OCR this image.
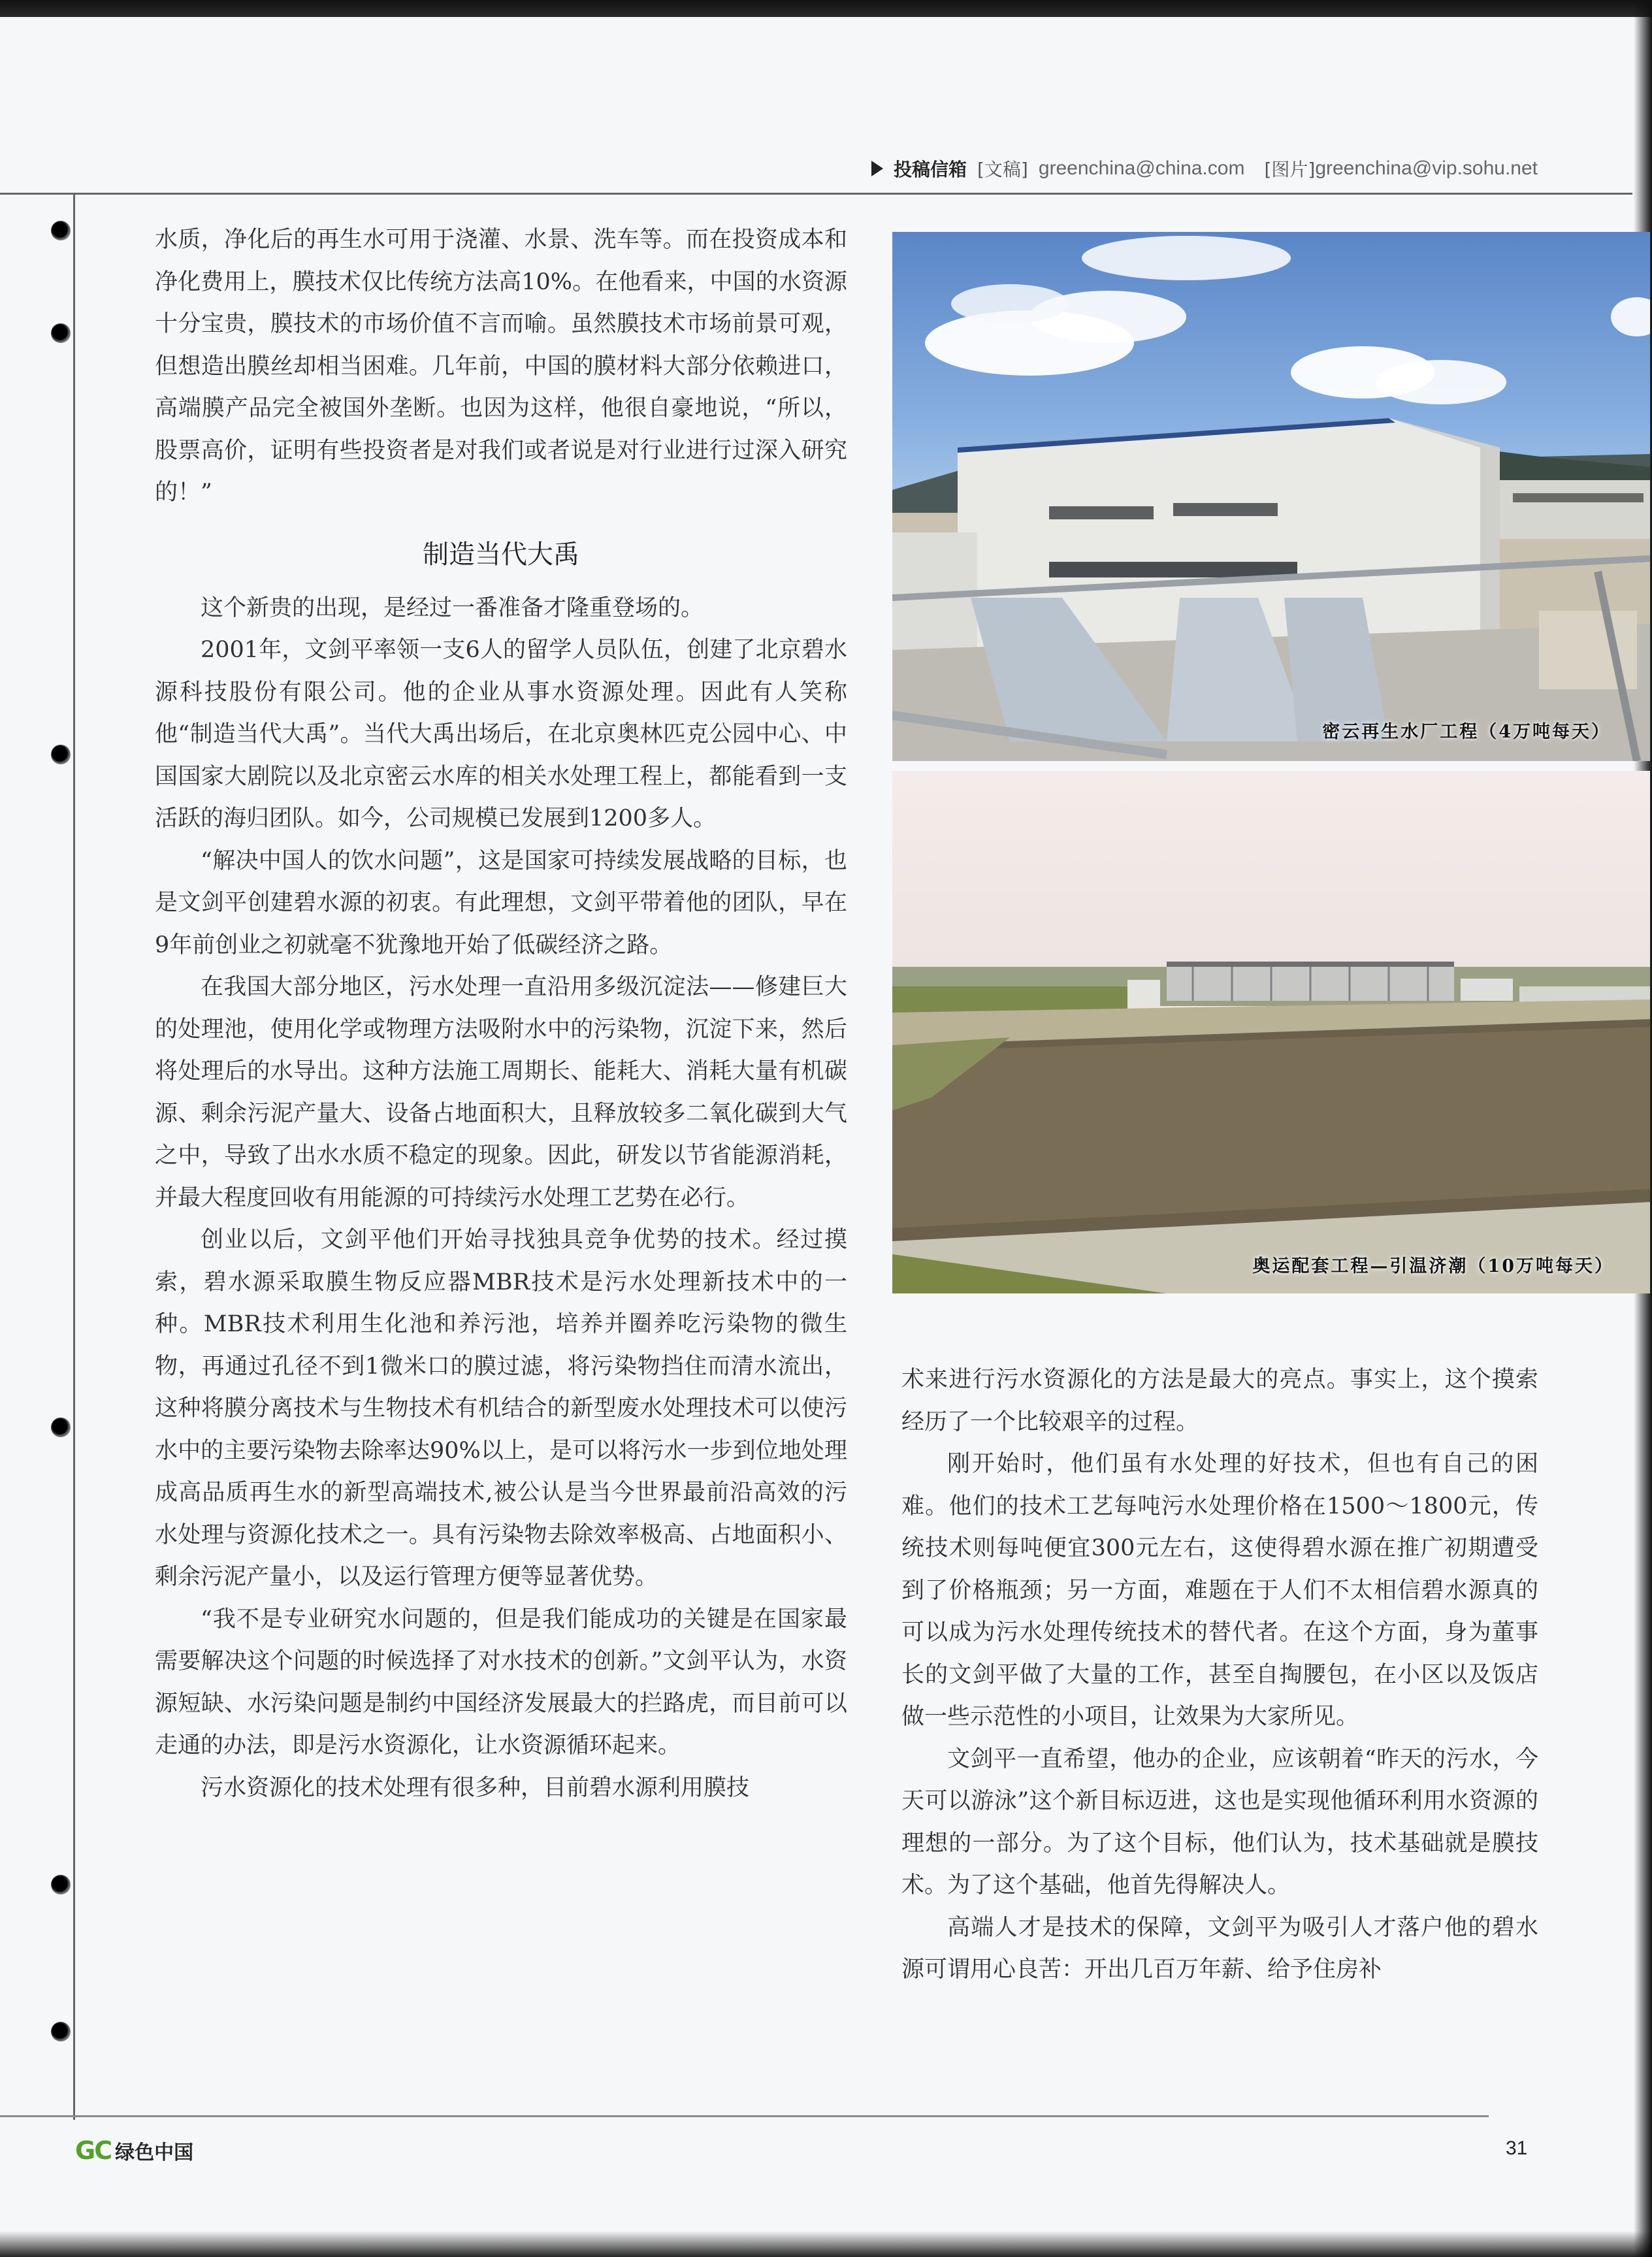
投稿信箱 [文稿] greenchina@china.com [图片] greenchina@vip.sohu.net

水质，净化后的再生水可用于浇灌、水景、洗车等。而在投资成本和净化费用上，膜技术仅比传统方法高10%。在他看来，中国的水资源十分宝贵，膜技术的市场价值不言而喻。虽然膜技术市场前景可观，但想造出膜丝却相当困难。几年前，中国的膜材料大部分依赖进口，高端膜产品完全被国外垄断。也因为这样，他很自豪地说，“所以，股票高价，证明有些投资者是对我们或者说是对行业进行过深入研究的！”

制造当代大禹

这个新贵的出现，是经过一番准备才隆重登场的。

2001年，文剑平率领一支6人的留学人员队伍，创建了北京碧水源科技股份有限公司。他的企业从事水资源处理。因此有人笑称他“制造当代大禹”。当代大禹出场后，在北京奥林匹克公园中心、中国国家大剧院以及北京密云水库的相关水处理工程上，都能看到一支活跃的海归团队。如今，公司规模已发展到1200多人。

“解决中国人的饮水问题”，这是国家可持续发展战略的目标，也是文剑平创建碧水源的初衷。有此理想，文剑平带着他的团队，早在9年前创业之初就毫不犹豫地开始了低碳经济之路。

在我国大部分地区，污水处理一直沿用多级沉淀法——修建巨大的处理池，使用化学或物理方法吸附水中的污染物，沉淀下来，然后将处理后的水导出。这种方法施工周期长、能耗大、消耗大量有机碳源、剩余污泥产量大、设备占地面积大，且释放较多二氧化碳到大气之中，导致了出水水质不稳定的现象。因此，研发以节省能源消耗，并最大程度回收有用能源的可持续污水处理工艺势在必行。

创业以后，文剑平他们开始寻找独具竞争优势的技术。经过摸索，碧水源采取膜生物反应器MBR技术是污水处理新技术中的一种。MBR技术利用生化池和养污池，培养并圈养吃污染物的微生物，再通过孔径不到1微米口的膜过滤，将污染物挡住而清水流出，这种将膜分离技术与生物技术有机结合的新型废水处理技术可以使污水中的主要污染物去除率达90%以上，是可以将污水一步到位地处理成高品质再生水的新型高端技术,被公认是当今世界最前沿高效的污水处理与资源化技术之一。具有污染物去除效率极高、占地面积小、剩余污泥产量小，以及运行管理方便等显著优势。

“我不是专业研究水问题的，但是我们能成功的关键是在国家最需要解决这个问题的时候选择了对水技术的创新。”文剑平认为，水资源短缺、水污染问题是制约中国经济发展最大的拦路虎，而目前可以走通的办法，即是污水资源化，让水资源循环起来。

污水资源化的技术处理有很多种，目前碧水源利用膜技

密云再生水厂工程（4万吨每天）
奥运配套工程—引温济潮（10万吨每天）

术来进行污水资源化的方法是最大的亮点。事实上，这个摸索经历了一个比较艰辛的过程。

刚开始时，他们虽有水处理的好技术，但也有自己的困难。他们的技术工艺每吨污水处理价格在1500～1800元，传统技术则每吨便宜300元左右，这使得碧水源在推广初期遭受到了价格瓶颈；另一方面，难题在于人们不太相信碧水源真的可以成为污水处理传统技术的替代者。在这个方面，身为董事长的文剑平做了大量的工作，甚至自掏腰包，在小区以及饭店做一些示范性的小项目，让效果为大家所见。

文剑平一直希望，他办的企业，应该朝着“昨天的污水，今天可以游泳”这个新目标迈进，这也是实现他循环利用水资源的理想的一部分。为了这个目标，他们认为，技术基础就是膜技术。为了这个基础，他首先得解决人。

高端人才是技术的保障，文剑平为吸引人才落户他的碧水源可谓用心良苦：开出几百万年薪、给予住房补

GC 绿色中国	31
